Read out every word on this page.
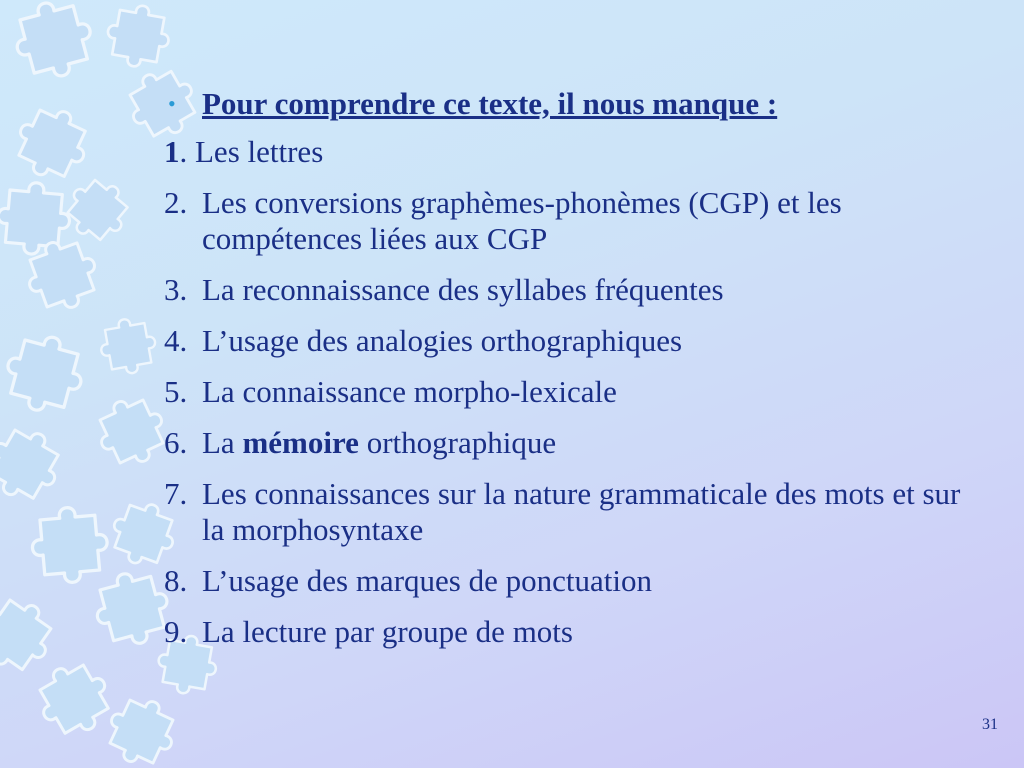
• Pour comprendre ce texte, il nous manque :
1. Les lettres
2. Les conversions graphèmes-phonèmes (CGP) et les compétences liées aux CGP
3. La reconnaissance des syllabes fréquentes
4. L’usage des analogies orthographiques
5. La connaissance morpho-lexicale
6. La mémoire orthographique
7. Les connaissances sur la nature grammaticale des mots et sur la morphosyntaxe
8. L’usage des marques de ponctuation
9. La lecture par groupe de mots
31
